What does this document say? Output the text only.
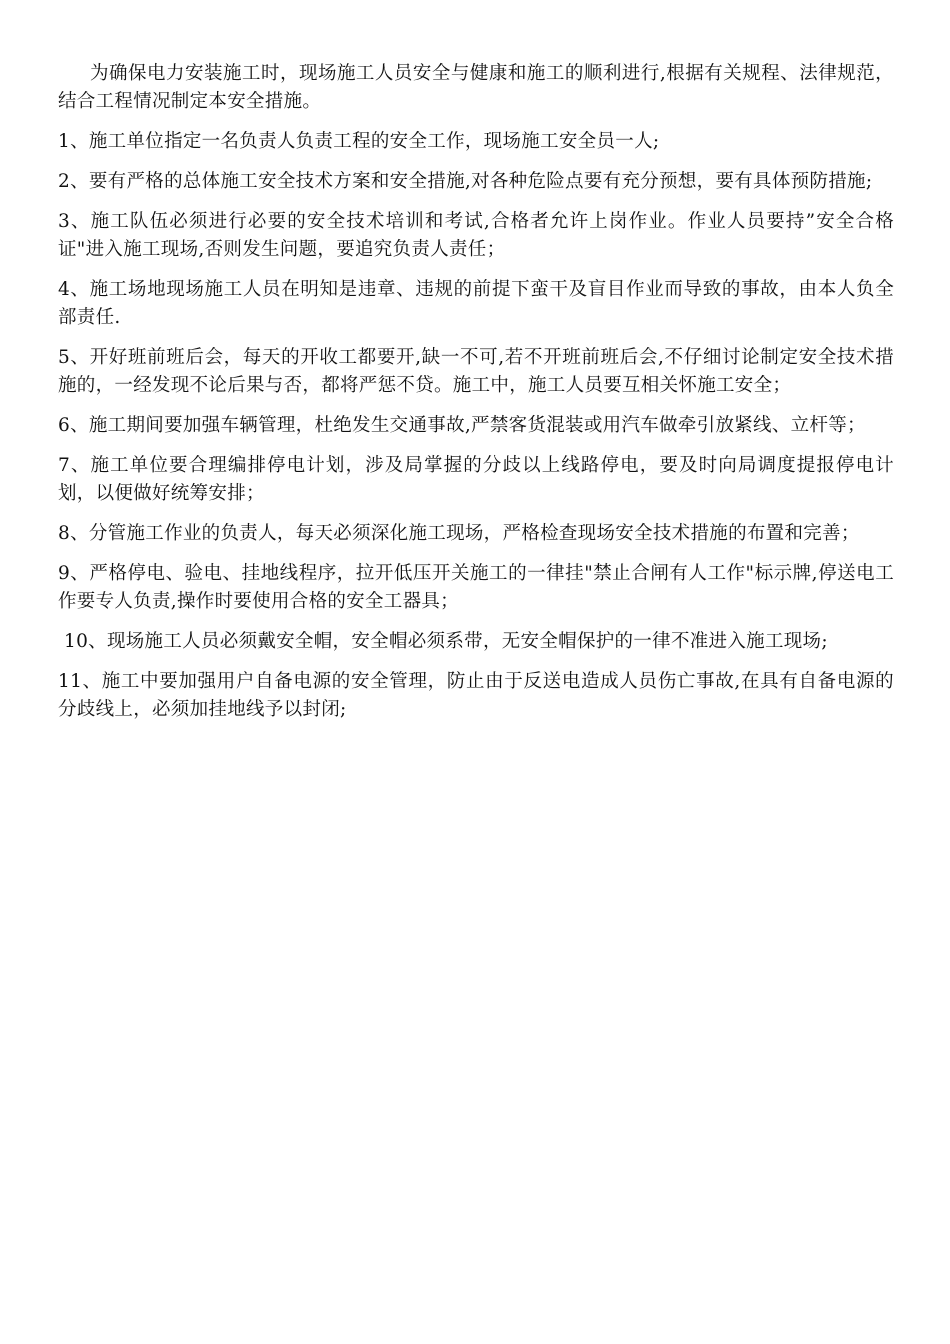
为确保电力安装施工时，现场施工人员安全与健康和施工的顺利进行,根据有关规程、法律规范，结合工程情况制定本安全措施。

1、施工单位指定一名负责人负责工程的安全工作，现场施工安全员一人;

2、要有严格的总体施工安全技术方案和安全措施,对各种危险点要有充分预想，要有具体预防措施;

3、施工队伍必须进行必要的安全技术培训和考试,合格者允许上岗作业。作业人员要持”安全合格证"进入施工现场,否则发生问题，要追究负责人责任；

4、施工场地现场施工人员在明知是违章、违规的前提下蛮干及盲目作业而导致的事故，由本人负全部责任.

5、开好班前班后会，每天的开收工都要开,缺一不可,若不开班前班后会,不仔细讨论制定安全技术措施的，一经发现不论后果与否，都将严惩不贷。施工中，施工人员要互相关怀施工安全；

6、施工期间要加强车辆管理，杜绝发生交通事故,严禁客货混装或用汽车做牵引放紧线、立杆等；

7、施工单位要合理编排停电计划，涉及局掌握的分歧以上线路停电，要及时向局调度提报停电计划，以便做好统筹安排；

8、分管施工作业的负责人，每天必须深化施工现场，严格检查现场安全技术措施的布置和完善；

9、严格停电、验电、挂地线程序，拉开低压开关施工的一律挂"禁止合闸有人工作"标示牌,停送电工作要专人负责,操作时要使用合格的安全工器具；

10、现场施工人员必须戴安全帽，安全帽必须系带，无安全帽保护的一律不准进入施工现场;

11、施工中要加强用户自备电源的安全管理，防止由于反送电造成人员伤亡事故,在具有自备电源的分歧线上，必须加挂地线予以封闭;
